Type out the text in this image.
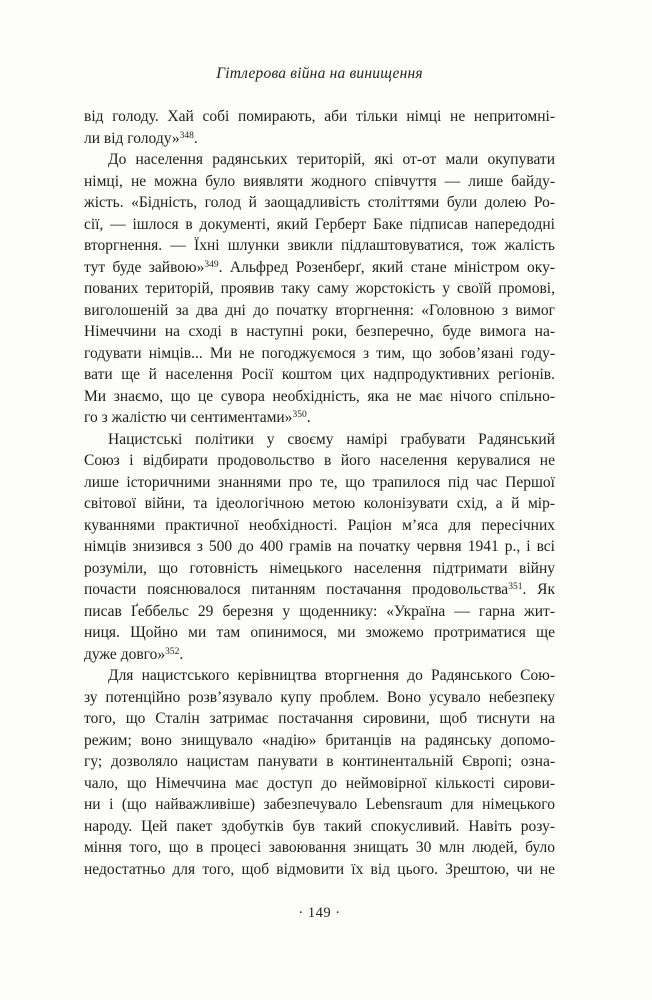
Гітлерова війна на винищення
від голоду. Хай собі помирають, аби тільки німці не непритомні-
ли від голоду»$^{348}$.
До населення радянських територій, які от-от мали окупувати
німці, не можна було виявляти жодного співчуття — лише байду-
жість. «Бідність, голод й заощадливість століттями були долею Ро-
сії, — ішлося в документі, який Герберт Баке підписав напередодні
вторгнення. — Їхні шлунки звикли підлаштовуватися, тож жалість
тут буде зайвою»$^{349}$. Альфред Розенберґ, який стане міністром оку-
пованих територій, проявив таку саму жорстокість у своїй промові,
виголошеній за два дні до початку вторгнення: «Головною з вимог
Німеччини на сході в наступні роки, безперечно, буде вимога на-
годувати німців... Ми не погоджуємося з тим, що зобов’язані году-
вати ще й населення Росії коштом цих надпродуктивних регіонів.
Ми знаємо, що це сувора необхідність, яка не має нічого спільно-
го з жалістю чи сентиментами»$^{350}$.
Нацистські політики у своєму намірі грабувати Радянський
Союз і відбирати продовольство в його населення керувалися не
лише історичними знаннями про те, що трапилося під час Першої
світової війни, та ідеологічною метою колонізувати схід, а й мір-
куваннями практичної необхідності. Раціон м’яса для пересічних
німців знизився з 500 до 400 грамів на початку червня 1941 р., і всі
розуміли, що готовність німецького населення підтримати війну
почасти пояснювалося питанням постачання продовольства$^{351}$. Як
писав Ґеббельс 29 березня у щоденнику: «Україна — гарна жит-
ниця. Щойно ми там опинимося, ми зможемо протриматися ще
дуже довго»$^{352}$.
Для нацистського керівництва вторгнення до Радянського Сою-
зу потенційно розв’язувало купу проблем. Воно усувало небезпеку
того, що Сталін затримає постачання сировини, щоб тиснути на
режим; воно знищувало «надію» британців на радянську допомо-
гу; дозволяло нацистам панувати в континентальній Європі; озна-
чало, що Німеччина має доступ до неймовірної кількості сирови-
ни і (що найважливіше) забезпечувало Lebensraum для німецького
народу. Цей пакет здобутків був такий спокусливий. Навіть розу-
міння того, що в процесі завоювання знищать 30 млн людей, було
недостатньо для того, щоб відмовити їх від цього. Зрештою, чи не
· 149 ·
